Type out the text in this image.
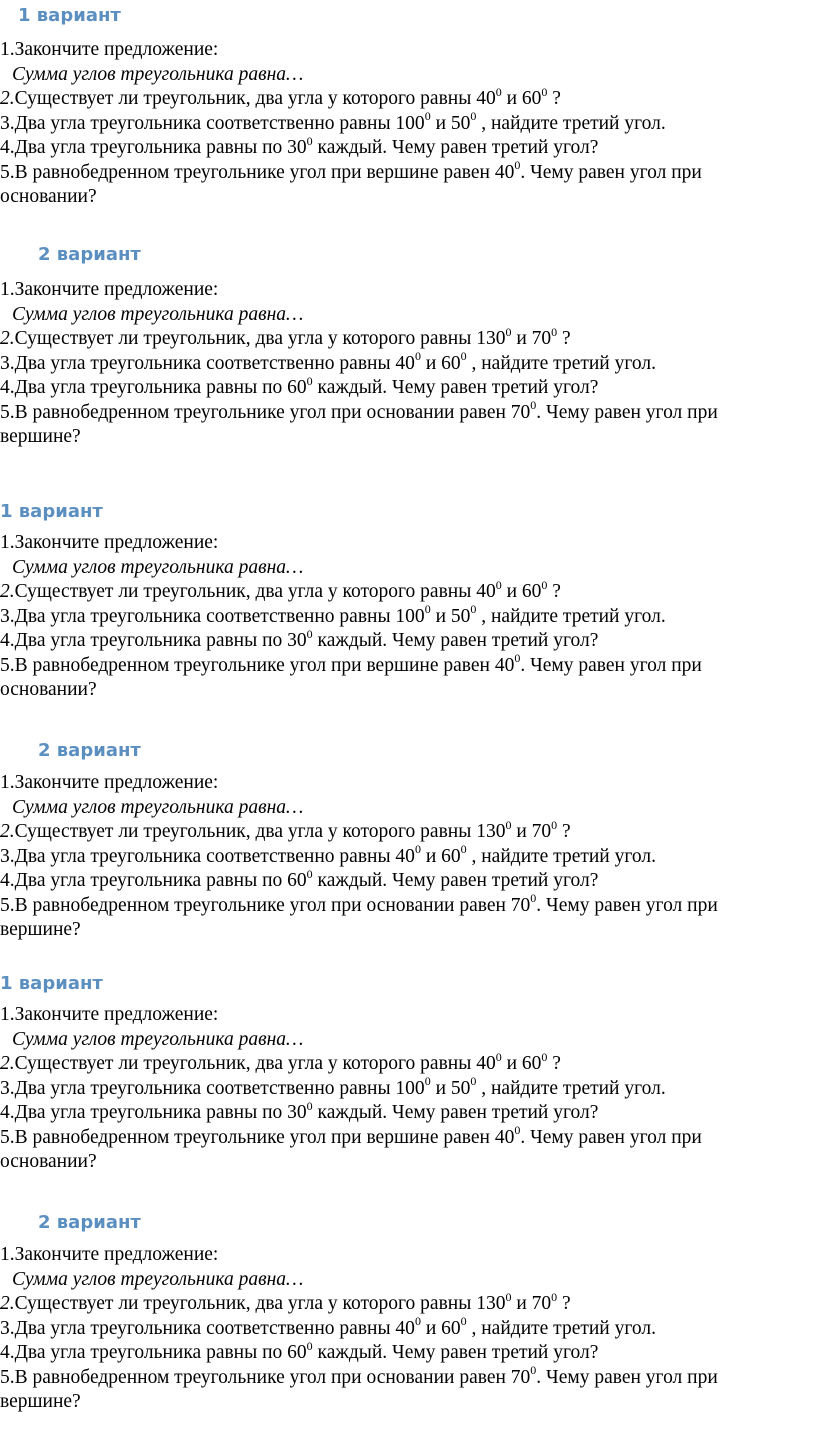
1 вариант
1.Закончите предложение:
Сумма углов треугольника равна…
2.Существует ли треугольник, два угла у которого равны $40^0$ и $60^0$ ?
3.Два угла треугольника соответственно равны $100^0$ и $50^0$ , найдите третий угол.
4.Два угла треугольника равны по $30^0$ каждый. Чему равен третий угол?
5.В равнобедренном треугольнике угол при вершине равен $40^0$. Чему равен угол при
основании?
2 вариант
1.Закончите предложение:
Сумма углов треугольника равна…
2.Существует ли треугольник, два угла у которого равны $130^0$ и $70^0$ ?
3.Два угла треугольника соответственно равны $40^0$ и $60^0$ , найдите третий угол.
4.Два угла треугольника равны по $60^0$ каждый. Чему равен третий угол?
5.В равнобедренном треугольнике угол при основании равен $70^0$. Чему равен угол при
вершине?
1 вариант
1.Закончите предложение:
Сумма углов треугольника равна…
2.Существует ли треугольник, два угла у которого равны $40^0$ и $60^0$ ?
3.Два угла треугольника соответственно равны $100^0$ и $50^0$ , найдите третий угол.
4.Два угла треугольника равны по $30^0$ каждый. Чему равен третий угол?
5.В равнобедренном треугольнике угол при вершине равен $40^0$. Чему равен угол при
основании?
2 вариант
1.Закончите предложение:
Сумма углов треугольника равна…
2.Существует ли треугольник, два угла у которого равны $130^0$ и $70^0$ ?
3.Два угла треугольника соответственно равны $40^0$ и $60^0$ , найдите третий угол.
4.Два угла треугольника равны по $60^0$ каждый. Чему равен третий угол?
5.В равнобедренном треугольнике угол при основании равен $70^0$. Чему равен угол при
вершине?
1 вариант
1.Закончите предложение:
Сумма углов треугольника равна…
2.Существует ли треугольник, два угла у которого равны $40^0$ и $60^0$ ?
3.Два угла треугольника соответственно равны $100^0$ и $50^0$ , найдите третий угол.
4.Два угла треугольника равны по $30^0$ каждый. Чему равен третий угол?
5.В равнобедренном треугольнике угол при вершине равен $40^0$. Чему равен угол при
основании?
2 вариант
1.Закончите предложение:
Сумма углов треугольника равна…
2.Существует ли треугольник, два угла у которого равны $130^0$ и $70^0$ ?
3.Два угла треугольника соответственно равны $40^0$ и $60^0$ , найдите третий угол.
4.Два угла треугольника равны по $60^0$ каждый. Чему равен третий угол?
5.В равнобедренном треугольнике угол при основании равен $70^0$. Чему равен угол при
вершине?
